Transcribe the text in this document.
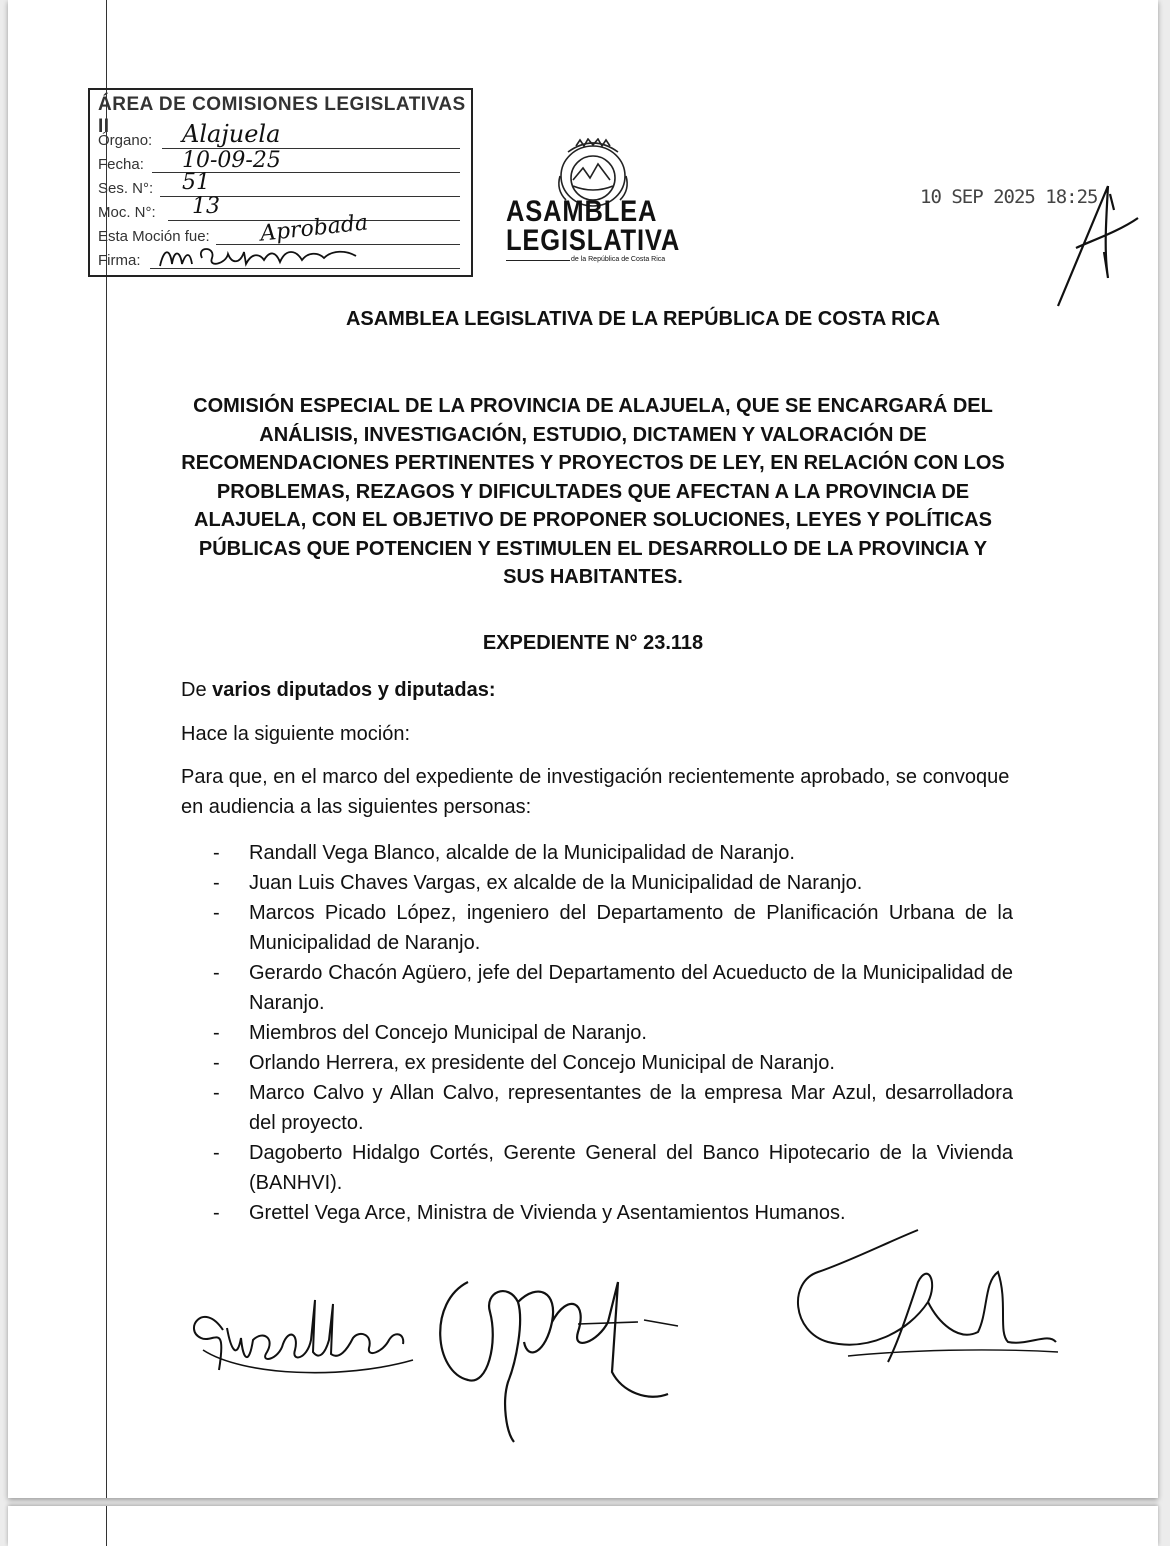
ÁREA DE COMISIONES LEGISLATIVAS II
Órgano: Alajuela
Fecha: 10-09-25
Ses. N°: 51
Moc. N°: 13
Esta Moción fue: Aprobada
Firma:
ASAMBLEA
LEGISLATIVA
de la República de Costa Rica
10 SEP 2025 18:25
ASAMBLEA LEGISLATIVA DE LA REPÚBLICA DE COSTA RICA
COMISIÓN ESPECIAL DE LA PROVINCIA DE ALAJUELA, QUE SE ENCARGARÁ DEL ANÁLISIS, INVESTIGACIÓN, ESTUDIO, DICTAMEN Y VALORACIÓN DE RECOMENDACIONES PERTINENTES Y PROYECTOS DE LEY, EN RELACIÓN CON LOS PROBLEMAS, REZAGOS Y DIFICULTADES QUE AFECTAN A LA PROVINCIA DE ALAJUELA, CON EL OBJETIVO DE PROPONER SOLUCIONES, LEYES Y POLÍTICAS PÚBLICAS QUE POTENCIEN Y ESTIMULEN EL DESARROLLO DE LA PROVINCIA Y SUS HABITANTES.
EXPEDIENTE N° 23.118
De varios diputados y diputadas:
Hace la siguiente moción:
Para que, en el marco del expediente de investigación recientemente aprobado, se convoque en audiencia a las siguientes personas:
- Randall Vega Blanco, alcalde de la Municipalidad de Naranjo.
- Juan Luis Chaves Vargas, ex alcalde de la Municipalidad de Naranjo.
- Marcos Picado López, ingeniero del Departamento de Planificación Urbana de la Municipalidad de Naranjo.
- Gerardo Chacón Agüero, jefe del Departamento del Acueducto de la Municipalidad de Naranjo.
- Miembros del Concejo Municipal de Naranjo.
- Orlando Herrera, ex presidente del Concejo Municipal de Naranjo.
- Marco Calvo y Allan Calvo, representantes de la empresa Mar Azul, desarrolladora del proyecto.
- Dagoberto Hidalgo Cortés, Gerente General del Banco Hipotecario de la Vivienda (BANHVI).
- Grettel Vega Arce, Ministra de Vivienda y Asentamientos Humanos.
